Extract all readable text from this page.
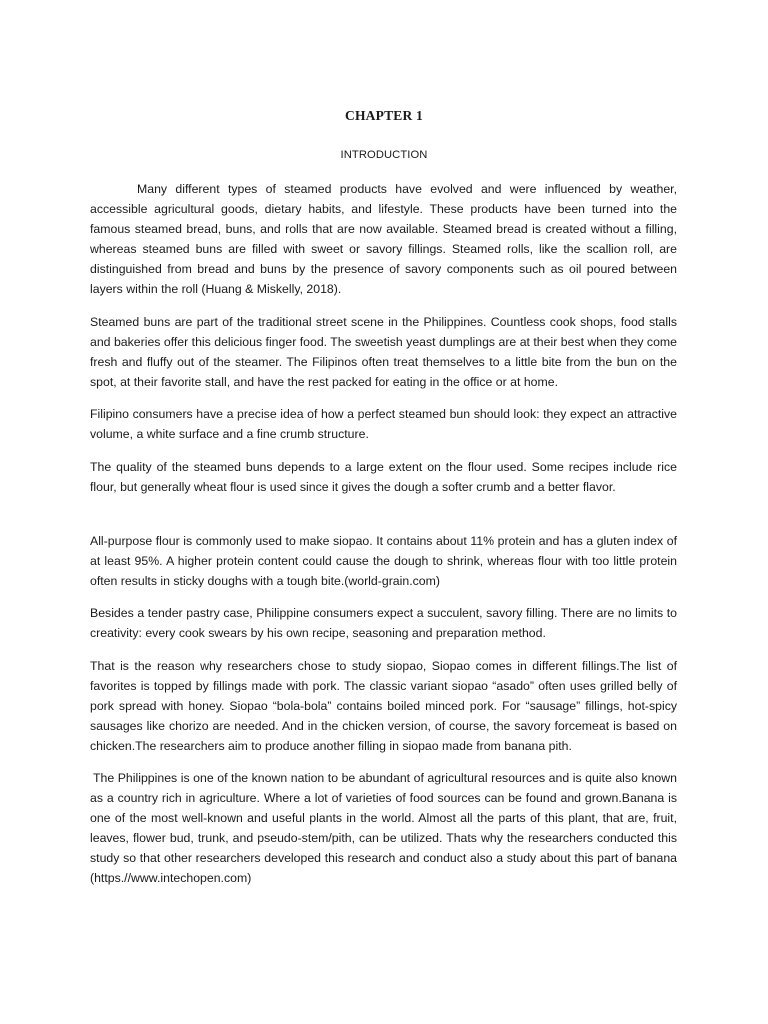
CHAPTER 1
INTRODUCTION

Many different types of steamed products have evolved and were influenced by weather, accessible agricultural goods, dietary habits, and lifestyle. These products have been turned into the famous steamed bread, buns, and rolls that are now available. Steamed bread is created without a filling, whereas steamed buns are filled with sweet or savory fillings. Steamed rolls, like the scallion roll, are distinguished from bread and buns by the presence of savory components such as oil poured between layers within the roll (Huang & Miskelly, 2018).

Steamed buns are part of the traditional street scene in the Philippines. Countless cook shops, food stalls and bakeries offer this delicious finger food. The sweetish yeast dumplings are at their best when they come fresh and fluffy out of the steamer. The Filipinos often treat themselves to a little bite from the bun on the spot, at their favorite stall, and have the rest packed for eating in the office or at home.

Filipino consumers have a precise idea of how a perfect steamed bun should look: they expect an attractive volume, a white surface and a fine crumb structure.

The quality of the steamed buns depends to a large extent on the flour used. Some recipes include rice flour, but generally wheat flour is used since it gives the dough a softer crumb and a better flavor.

All-purpose flour is commonly used to make siopao. It contains about 11% protein and has a gluten index of at least 95%. A higher protein content could cause the dough to shrink, whereas flour with too little protein often results in sticky doughs with a tough bite.(world-grain.com)

Besides a tender pastry case, Philippine consumers expect a succulent, savory filling. There are no limits to creativity: every cook swears by his own recipe, seasoning and preparation method.

That is the reason why researchers chose to study siopao, Siopao comes in different fillings.The list of favorites is topped by fillings made with pork. The classic variant siopao “asado” often uses grilled belly of pork spread with honey. Siopao “bola-bola” contains boiled minced pork. For “sausage” fillings, hot-spicy sausages like chorizo are needed. And in the chicken version, of course, the savory forcemeat is based on chicken.The researchers aim to produce another filling in siopao made from banana pith.

The Philippines is one of the known nation to be abundant of agricultural resources and is quite also known as a country rich in agriculture. Where a lot of varieties of food sources can be found and grown.Banana is one of the most well-known and useful plants in the world. Almost all the parts of this plant, that are, fruit, leaves, flower bud, trunk, and pseudo-stem/pith, can be utilized. Thats why the researchers conducted this study so that other researchers developed this research and conduct also a study about this part of banana (https.//www.intechopen.com)
